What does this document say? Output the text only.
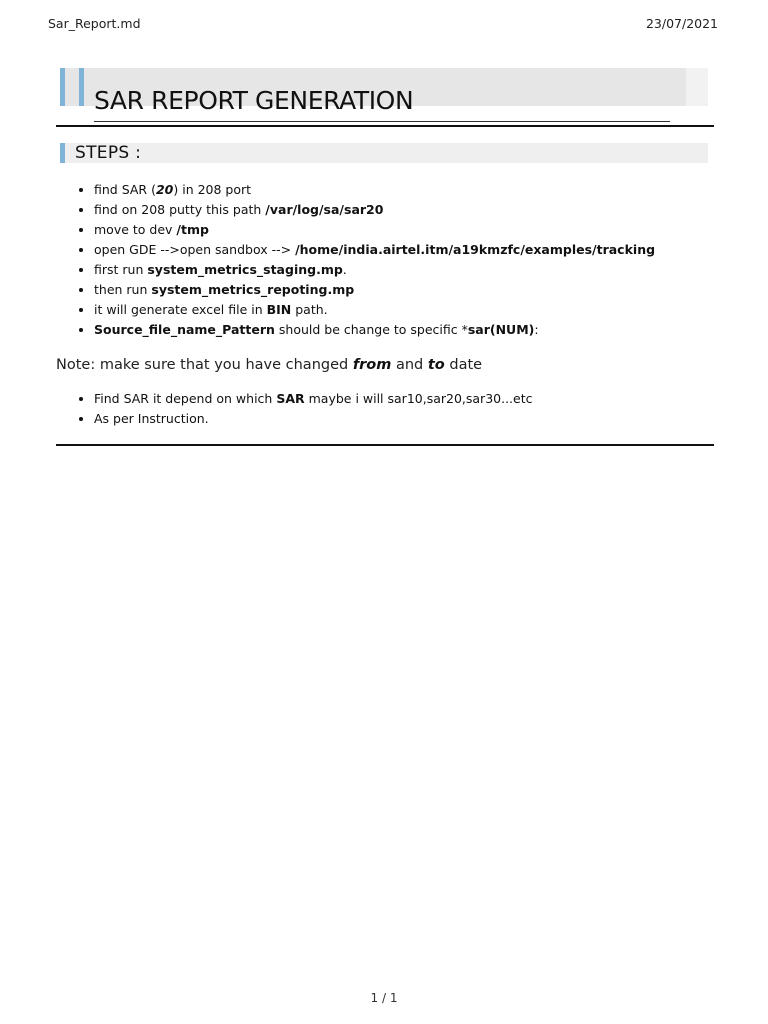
Sar_Report.md	23/07/2021
SAR REPORT GENERATION
STEPS :
• find SAR (20) in 208 port
• find on 208 putty this path /var/log/sa/sar20
• move to dev /tmp
• open GDE -->open sandbox --> /home/india.airtel.itm/a19kmzfc/examples/tracking
• first run system_metrics_staging.mp.
• then run system_metrics_repoting.mp
• it will generate excel file in BIN path.
• Source_file_name_Pattern should be change to specific *sar(NUM):
Note: make sure that you have changed from and to date
• Find SAR it depend on which SAR maybe i will sar10,sar20,sar30...etc
• As per Instruction.
1 / 1
